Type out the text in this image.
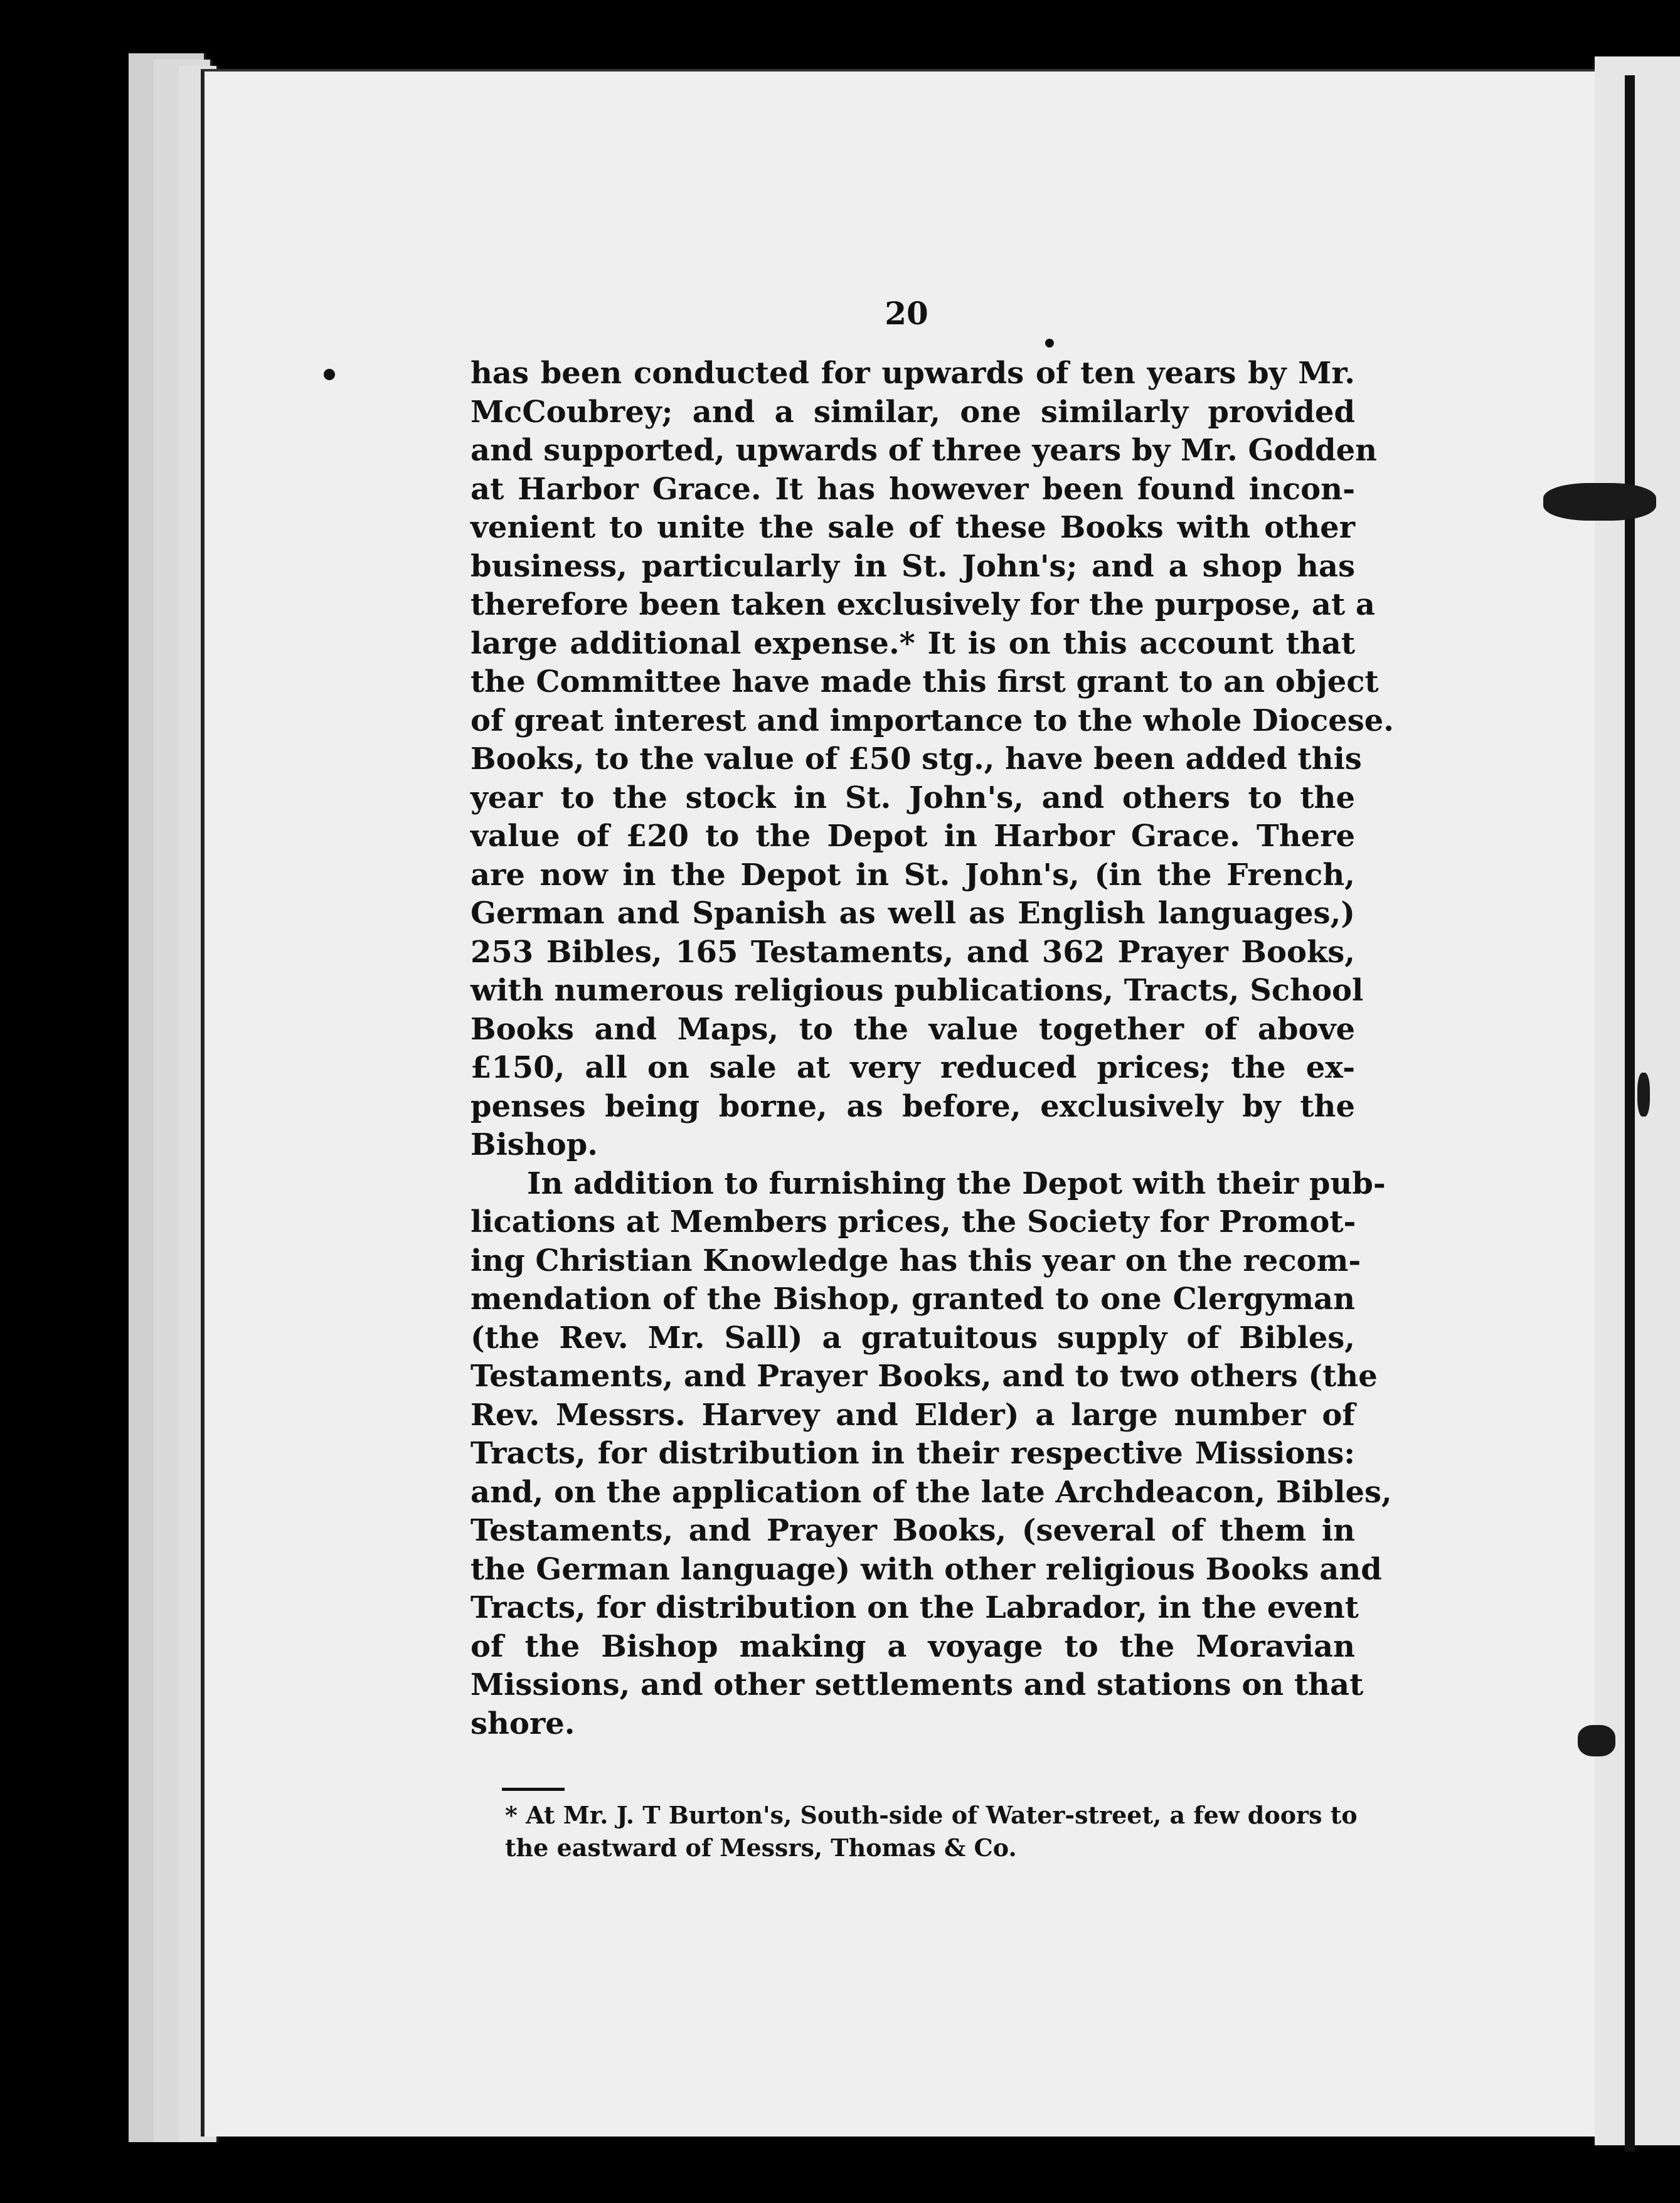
20
has been conducted for upwards of ten years by Mr.
McCoubrey; and a similar, one similarly provided
and supported, upwards of three years by Mr. Godden
at Harbor Grace. It has however been found incon-
venient to unite the sale of these Books with other
business, particularly in St. John's; and a shop has
therefore been taken exclusively for the purpose, at a
large additional expense.* It is on this account that
the Committee have made this first grant to an object
of great interest and importance to the whole Diocese.
Books, to the value of £50 stg., have been added this
year to the stock in St. John's, and others to the
value of £20 to the Depot in Harbor Grace. There
are now in the Depot in St. John's, (in the French,
German and Spanish as well as English languages,)
253 Bibles, 165 Testaments, and 362 Prayer Books,
with numerous religious publications, Tracts, School
Books and Maps, to the value together of above
£150, all on sale at very reduced prices; the ex-
penses being borne, as before, exclusively by the
Bishop.
In addition to furnishing the Depot with their pub-
lications at Members prices, the Society for Promot-
ing Christian Knowledge has this year on the recom-
mendation of the Bishop, granted to one Clergyman
(the Rev. Mr. Sall) a gratuitous supply of Bibles,
Testaments, and Prayer Books, and to two others (the
Rev. Messrs. Harvey and Elder) a large number of
Tracts, for distribution in their respective Missions:
and, on the application of the late Archdeacon, Bibles,
Testaments, and Prayer Books, (several of them in
the German language) with other religious Books and
Tracts, for distribution on the Labrador, in the event
of the Bishop making a voyage to the Moravian
Missions, and other settlements and stations on that
shore.
* At Mr. J. T Burton's, South-side of Water-street, a few doors to
the eastward of Messrs, Thomas & Co.
